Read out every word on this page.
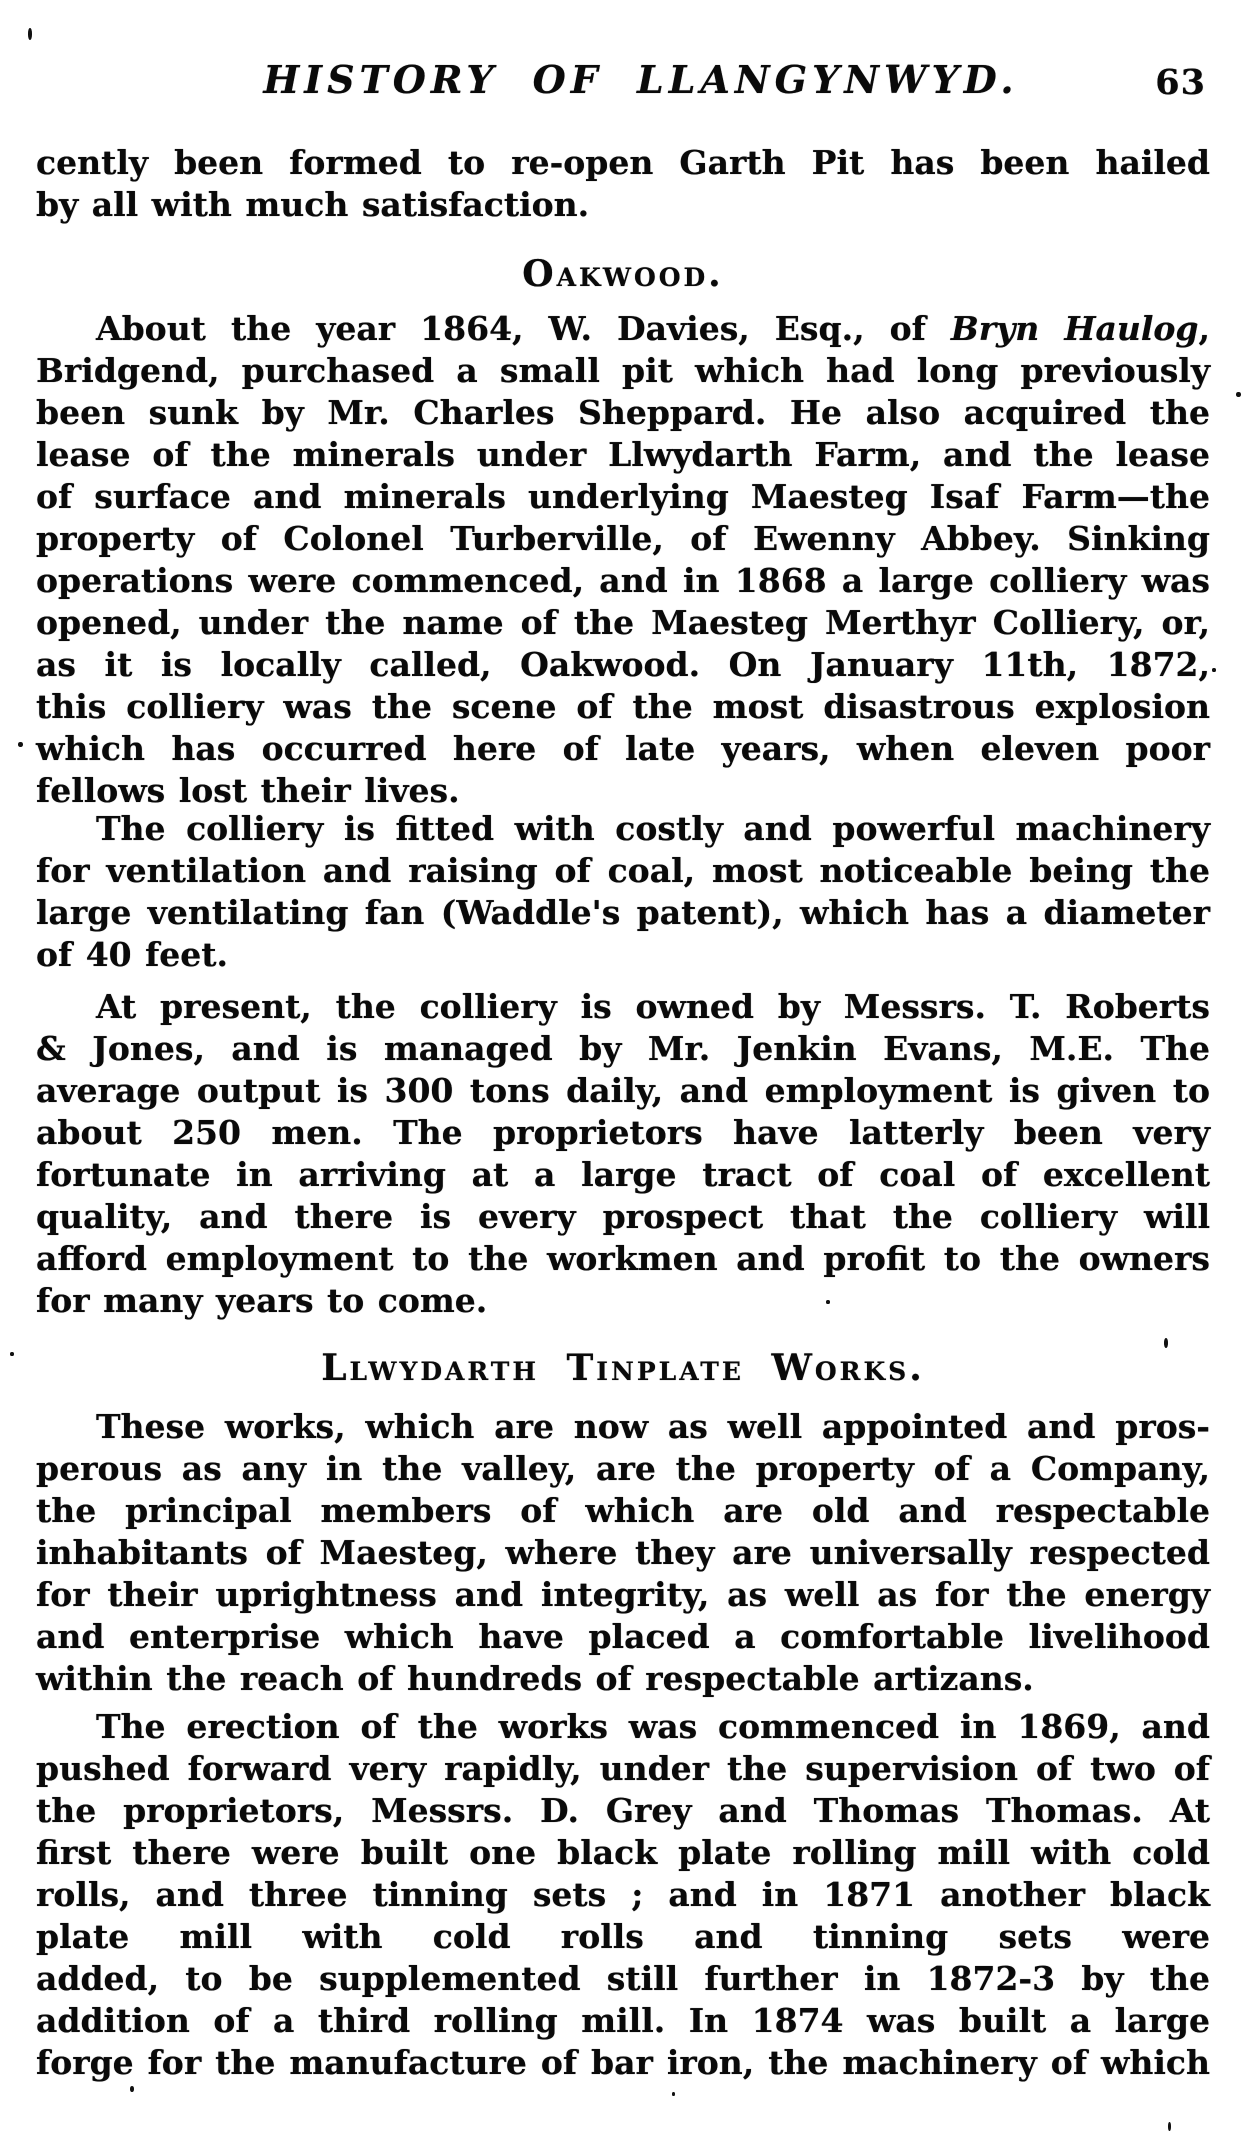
HISTORY OF LLANGYNWYD.	63
cently been formed to re-open Garth Pit has been hailed
by all with much satisfaction.
Oakwood.
About the year 1864, W. Davies, Esq., of Bryn Haulog,
Bridgend, purchased a small pit which had long previously
been sunk by Mr. Charles Sheppard. He also acquired the
lease of the minerals under Llwydarth Farm, and the lease
of surface and minerals underlying Maesteg Isaf Farm—the
property of Colonel Turberville, of Ewenny Abbey. Sinking
operations were commenced, and in 1868 a large colliery was
opened, under the name of the Maesteg Merthyr Colliery, or,
as it is locally called, Oakwood. On January 11th, 1872,
this colliery was the scene of the most disastrous explosion
which has occurred here of late years, when eleven poor
fellows lost their lives.
The colliery is fitted with costly and powerful machinery
for ventilation and raising of coal, most noticeable being the
large ventilating fan (Waddle's patent), which has a diameter
of 40 feet.
At present, the colliery is owned by Messrs. T. Roberts
& Jones, and is managed by Mr. Jenkin Evans, M.E. The
average output is 300 tons daily, and employment is given to
about 250 men. The proprietors have latterly been very
fortunate in arriving at a large tract of coal of excellent
quality, and there is every prospect that the colliery will
afford employment to the workmen and profit to the owners
for many years to come.
Llwydarth Tinplate Works.
These works, which are now as well appointed and pros-
perous as any in the valley, are the property of a Company,
the principal members of which are old and respectable
inhabitants of Maesteg, where they are universally respected
for their uprightness and integrity, as well as for the energy
and enterprise which have placed a comfortable livelihood
within the reach of hundreds of respectable artizans.
The erection of the works was commenced in 1869, and
pushed forward very rapidly, under the supervision of two of
the proprietors, Messrs. D. Grey and Thomas Thomas. At
first there were built one black plate rolling mill with cold
rolls, and three tinning sets ; and in 1871 another black
plate mill with cold rolls and tinning sets were
added, to be supplemented still further in 1872-3 by the
addition of a third rolling mill. In 1874 was built a large
forge for the manufacture of bar iron, the machinery of which
